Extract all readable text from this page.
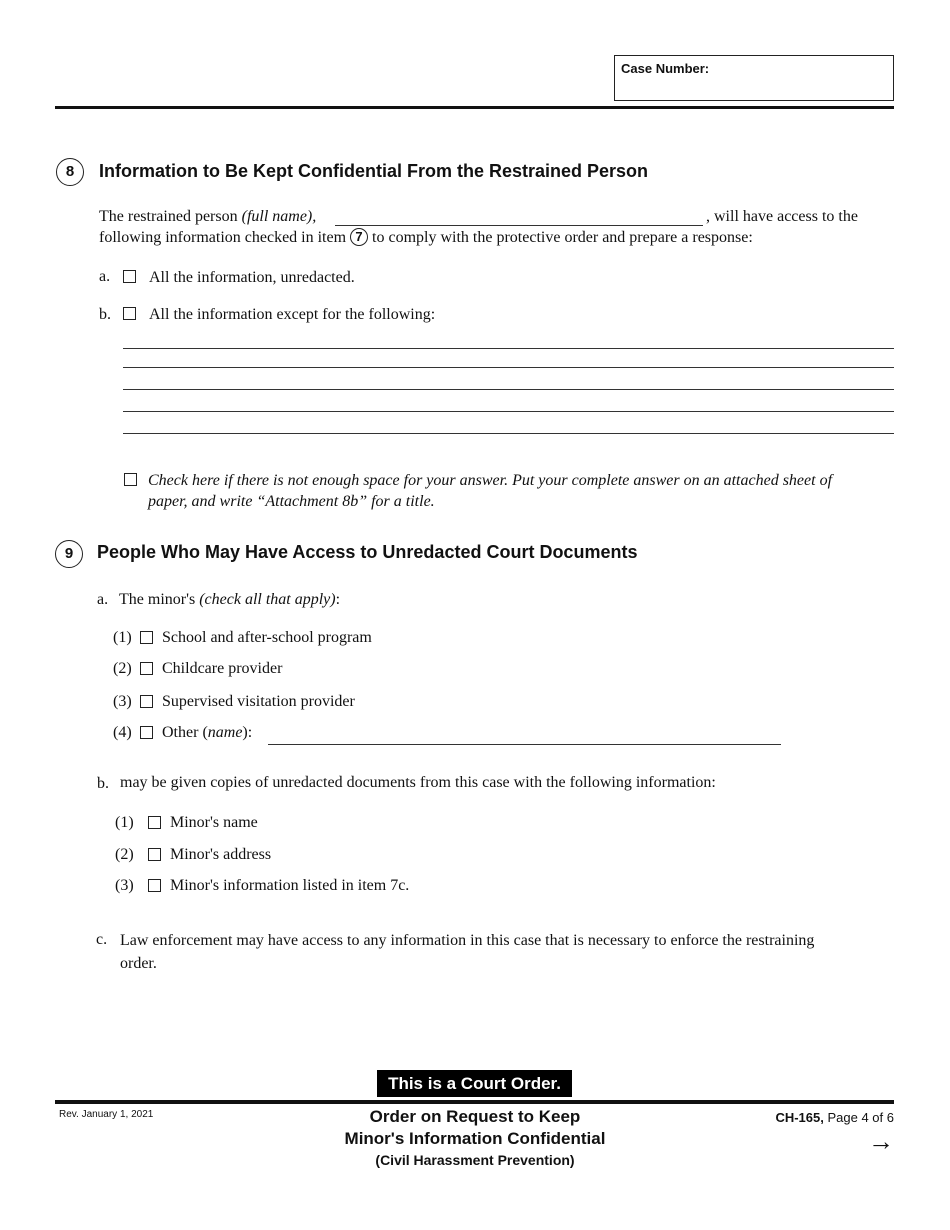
Case Number:
8	Information to Be Kept Confidential From the Restrained Person
The restrained person (full name),	, will have access to the
following information checked in item 7 to comply with the protective order and prepare a response:
a. All the information, unredacted.
b. All the information except for the following:
Check here if there is not enough space for your answer. Put your complete answer on an attached sheet of
paper, and write “Attachment 8b” for a title.
9	People Who May Have Access to Unredacted Court Documents
a. The minor's (check all that apply):
(1) School and after-school program
(2) Childcare provider
(3) Supervised visitation provider
(4) Other (name):
b. may be given copies of unredacted documents from this case with the following information:
(1) Minor's name
(2) Minor's address
(3) Minor's information listed in item 7c.
c. Law enforcement may have access to any information in this case that is necessary to enforce the restraining
order.
This is a Court Order.
Rev. January 1, 2021	Order on Request to Keep
Minor's Information Confidential
(Civil Harassment Prevention)
CH-165, Page 4 of 6
→
